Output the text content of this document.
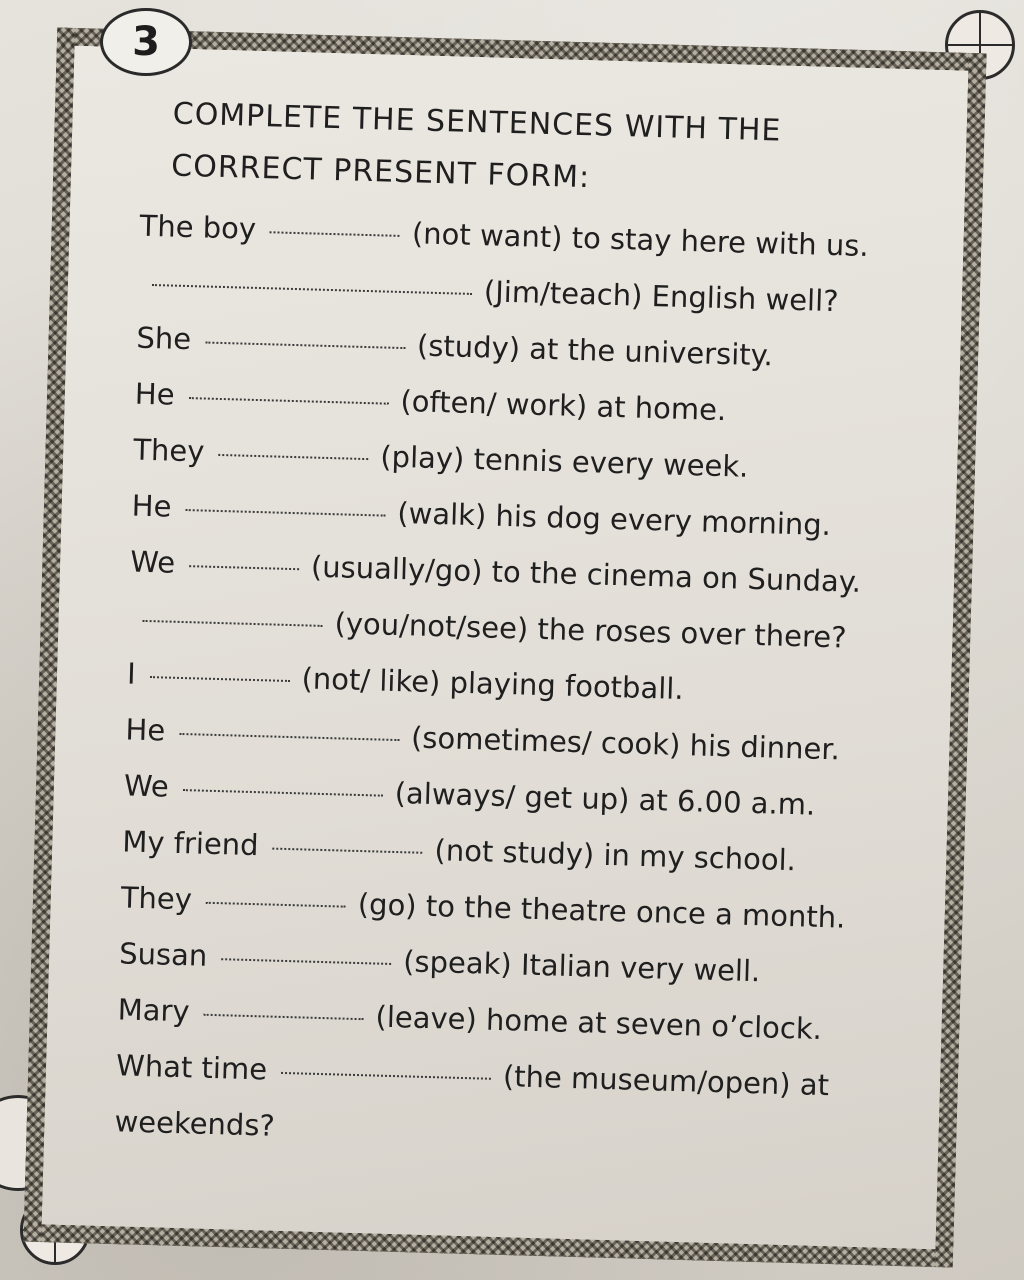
3
COMPLETE THE SENTENCES WITH THE CORRECT PRESENT FORM:
The boy	(not want) to stay here with us.
(Jim/teach) English well?
She	(study) at the university.
He	(often/ work) at home.
They	(play) tennis every week.
He	(walk) his dog every morning.
We	(usually/go) to the cinema on Sunday.
(you/not/see) the roses over there?
I	(not/ like) playing football.
He	(sometimes/ cook) his dinner.
We	(always/ get up) at 6.00 a.m.
My friend	(not study) in my school.
They	(go) to the theatre once a month.
Susan	(speak) Italian very well.
Mary	(leave) home at seven o’clock.
What time	(the museum/open) at
weekends?
